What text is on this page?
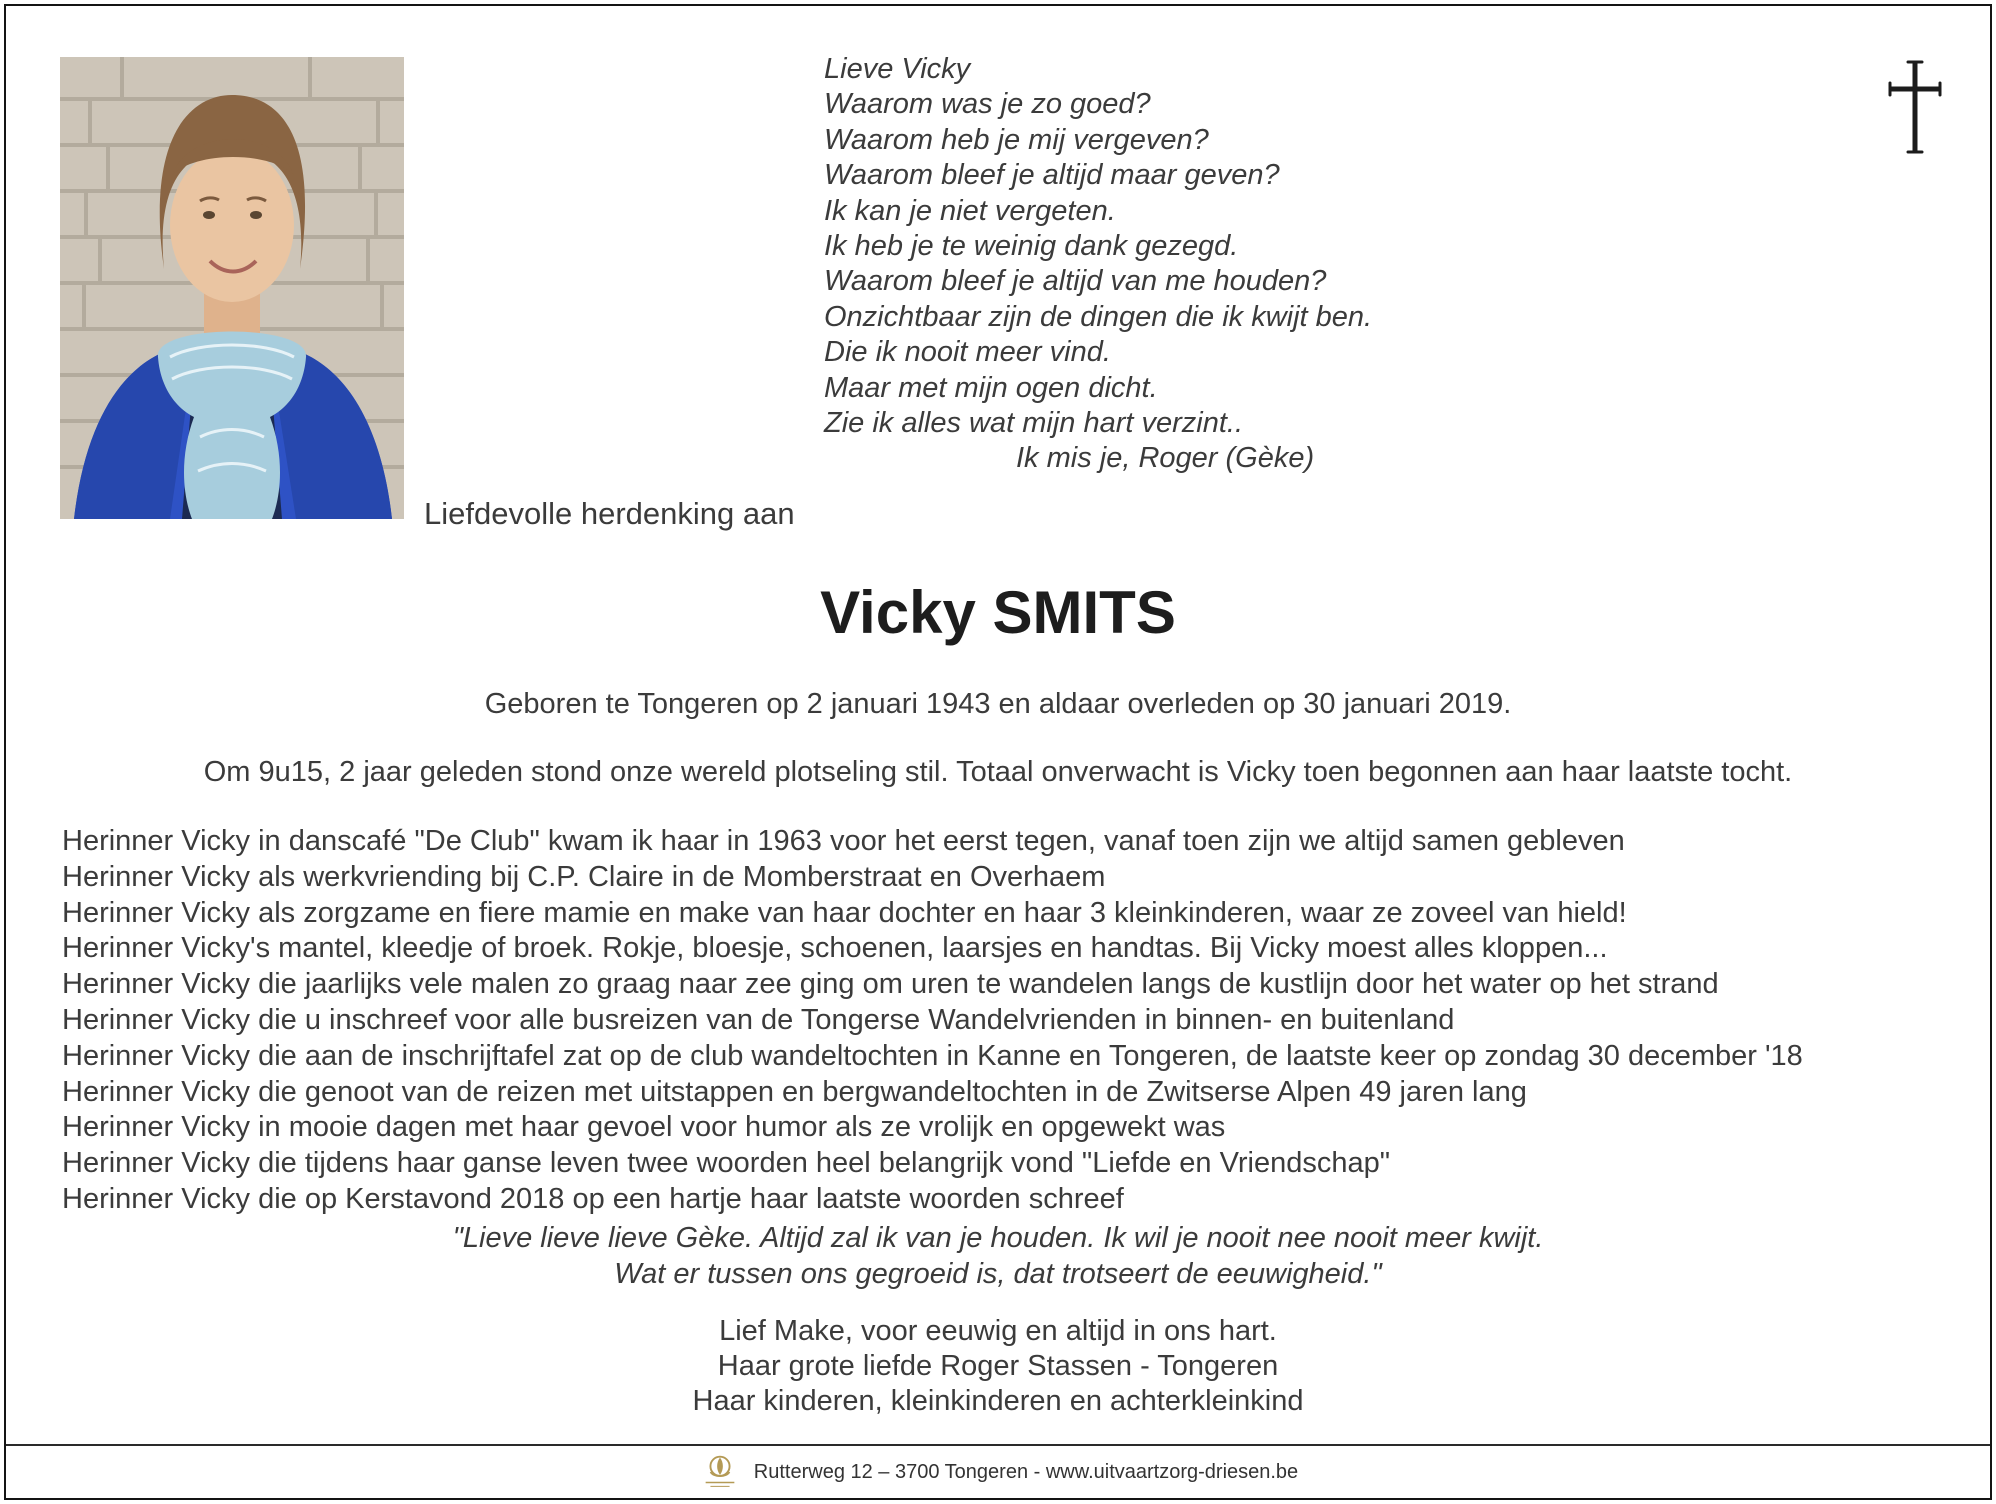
Lieve Vicky
Waarom was je zo goed?
Waarom heb je mij vergeven?
Waarom bleef je altijd maar geven?
Ik kan je niet vergeten.
Ik heb je te weinig dank gezegd.
Waarom bleef je altijd van me houden?
Onzichtbaar zijn de dingen die ik kwijt ben.
Die ik nooit meer vind.
Maar met mijn ogen dicht.
Zie ik alles wat mijn hart verzint..
Ik mis je, Roger (Gèke)
Liefdevolle herdenking aan
Vicky SMITS
Geboren te Tongeren op 2 januari 1943 en aldaar overleden op 30 januari 2019.
Om 9u15, 2 jaar geleden stond onze wereld plotseling stil. Totaal onverwacht is Vicky toen begonnen aan haar laatste tocht.
Herinner Vicky in danscafé "De Club" kwam ik haar in 1963 voor het eerst tegen, vanaf toen zijn we altijd samen gebleven
Herinner Vicky als werkvriending bij C.P. Claire in de Momberstraat en Overhaem
Herinner Vicky als zorgzame en fiere mamie en make van haar dochter en haar 3 kleinkinderen, waar ze zoveel van hield!
Herinner Vicky's mantel, kleedje of broek. Rokje, bloesje, schoenen, laarsjes en handtas. Bij Vicky moest alles kloppen...
Herinner Vicky die jaarlijks vele malen zo graag naar zee ging om uren te wandelen langs de kustlijn door het water op het strand
Herinner Vicky die u inschreef voor alle busreizen van de Tongerse Wandelvrienden in binnen- en buitenland
Herinner Vicky die aan de inschrijftafel zat op de club wandeltochten in Kanne en Tongeren, de laatste keer op zondag 30 december '18
Herinner Vicky die genoot van de reizen met uitstappen en bergwandeltochten in de Zwitserse Alpen 49 jaren lang
Herinner Vicky in mooie dagen met haar gevoel voor humor als ze vrolijk en opgewekt was
Herinner Vicky die tijdens haar ganse leven twee woorden heel belangrijk vond "Liefde en Vriendschap"
Herinner Vicky die op Kerstavond 2018 op een hartje haar laatste woorden schreef
"Lieve lieve lieve Gèke. Altijd zal ik van je houden. Ik wil je nooit nee nooit meer kwijt.
Wat er tussen ons gegroeid is, dat trotseert de eeuwigheid."
Lief Make, voor eeuwig en altijd in ons hart.
Haar grote liefde Roger Stassen - Tongeren
Haar kinderen, kleinkinderen en achterkleinkind
Rutterweg 12 – 3700 Tongeren - www.uitvaartzorg-driesen.be
